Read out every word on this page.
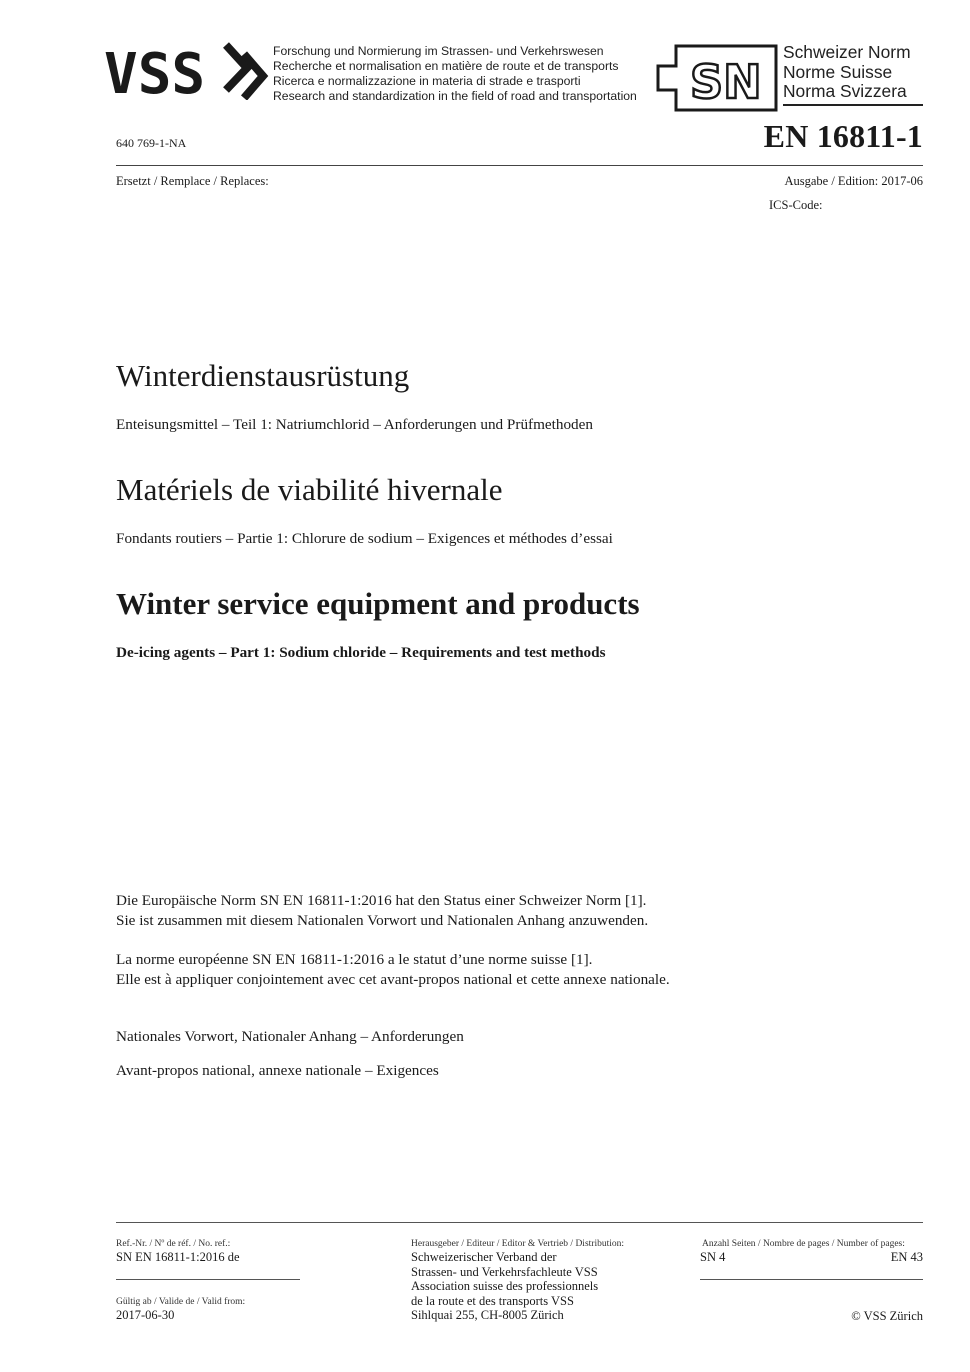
VSS	Forschung und Normierung im Strassen- und Verkehrswesen
Recherche et normalisation en matière de route et de transports
Ricerca e normalizzazione in materia di strade e trasporti
Research and standardization in the field of road and transportation SN
Schweizer Norm
Norme Suisse
Norma Svizzera
640 769-1-NA	EN 16811-1
Ersetzt / Remplace / Replaces:	Ausgabe / Edition: 2017-06
ICS-Code:
Winterdienstausrüstung
Enteisungsmittel – Teil 1: Natriumchlorid – Anforderungen und Prüfmethoden
Matériels de viabilité hivernale
Fondants routiers – Partie 1: Chlorure de sodium – Exigences et méthodes d’essai
Winter service equipment and products
De-icing agents – Part 1: Sodium chloride – Requirements and test methods
Die Europäische Norm SN EN 16811-1:2016 hat den Status einer Schweizer Norm [1].
Sie ist zusammen mit diesem Nationalen Vorwort und Nationalen Anhang anzuwenden.
La norme européenne SN EN 16811-1:2016 a le statut d’une norme suisse [1].
Elle est à appliquer conjointement avec cet avant-propos national et cette annexe nationale.
Nationales Vorwort, Nationaler Anhang – Anforderungen
Avant-propos national, annexe nationale – Exigences
Ref.-Nr. / Nº de réf. / No. ref.:
SN EN 16811-1:2016 de
Gültig ab / Valide de / Valid from:
2017-06-30
Herausgeber / Editeur / Editor & Vertrieb / Distribution:
Schweizerischer Verband der
Strassen- und Verkehrsfachleute VSS
Association suisse des professionnels
de la route et des transports VSS
Sihlquai 255, CH-8005 Zürich
Anzahl Seiten / Nombre de pages / Number of pages:
SN 4	EN 43
© VSS Zürich
